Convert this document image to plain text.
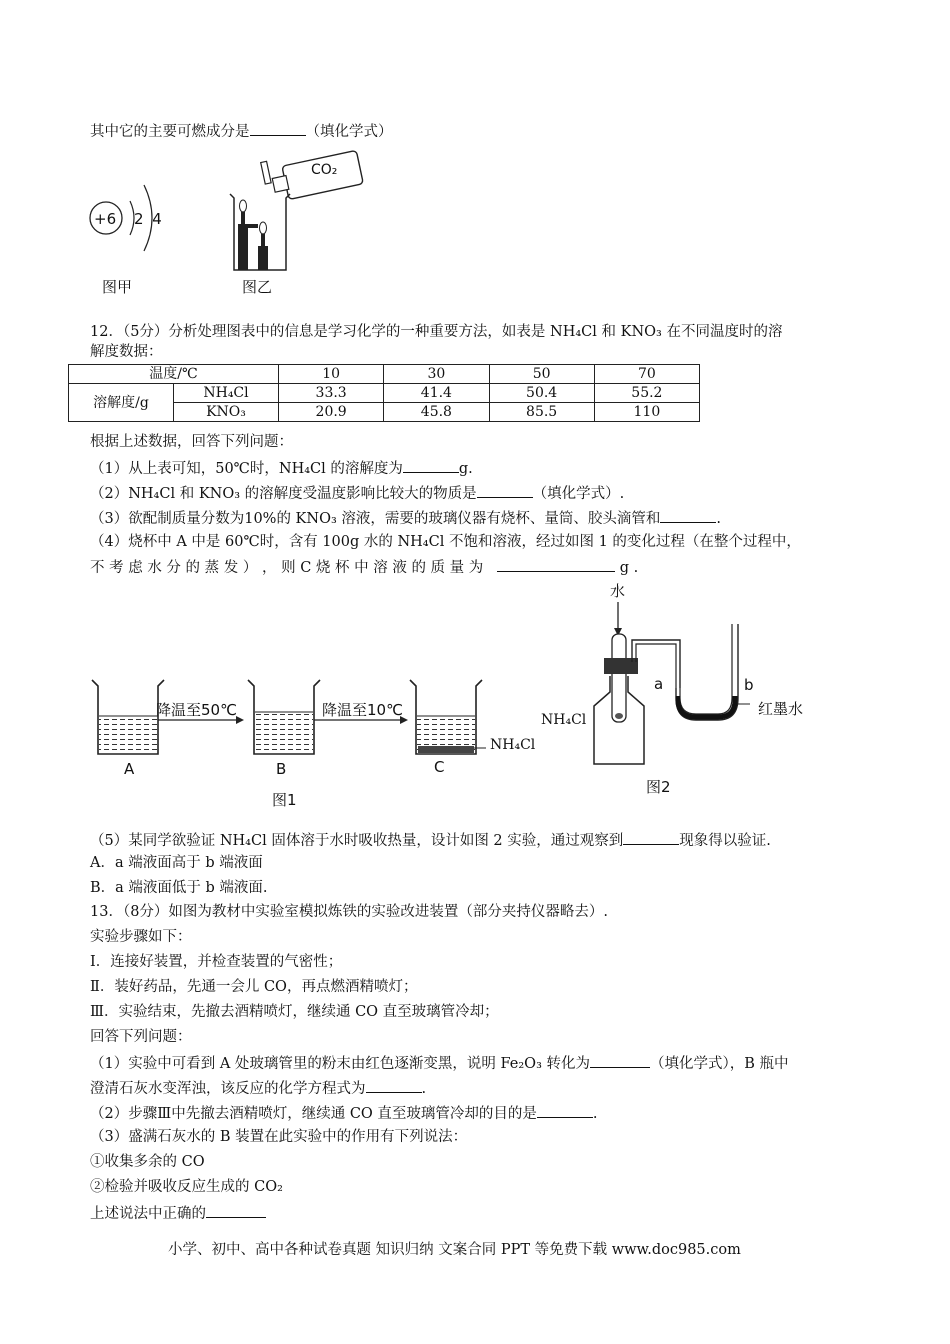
其中它的主要可燃成分是	（填化学式）
+6 2 4
图甲
CO₂
图乙
12．（5分）分析处理图表中的信息是学习化学的一种重要方法，如表是 NH₄Cl 和 KNO₃ 在不同温度时的溶
解度数据：
温度/℃		10	30	50	70
溶解度/g	NH₄Cl	33.3	41.4	50.4	55.2
	KNO₃	20.9	45.8	85.5	110
根据上述数据，回答下列问题：
（1）从上表可知，50℃时，NH₄Cl 的溶解度为	g.
（2）NH₄Cl 和 KNO₃ 的溶解度受温度影响比较大的物质是	（填化学式）.
（3）欲配制质量分数为10%的 KNO₃ 溶液，需要的玻璃仪器有烧杯、量筒、胶头滴管和	.
（4）烧杯中 A 中是 60℃时，含有 100g 水的 NH₄Cl 不饱和溶液，经过如图 1 的变化过程（在整个过程中，
不 考 虑 水 分 的 蒸 发 ） ， 则 C 烧 杯 中 溶 液 的 质 量 为	g .
降温至50℃	降温至10℃
NH₄Cl
A	B	C
图1
水
NH₄Cl
a	b
红墨水
图2
（5）某同学欲验证 NH₄Cl 固体溶于水时吸收热量，设计如图 2 实验，通过观察到	现象得以验证.
A．a 端液面高于 b 端液面
B．a 端液面低于 b 端液面.
13．（8分）如图为教材中实验室模拟炼铁的实验改进装置（部分夹持仪器略去）.
实验步骤如下：
Ⅰ．连接好装置，并检查装置的气密性；
Ⅱ．装好药品，先通一会儿 CO，再点燃酒精喷灯；
Ⅲ．实验结束，先撤去酒精喷灯，继续通 CO 直至玻璃管冷却；
回答下列问题：
（1）实验中可看到 A 处玻璃管里的粉末由红色逐渐变黑，说明 Fe₂O₃ 转化为	（填化学式），B 瓶中
澄清石灰水变浑浊，该反应的化学方程式为	.
（2）步骤Ⅲ中先撤去酒精喷灯，继续通 CO 直至玻璃管冷却的目的是	.
（3）盛满石灰水的 B 装置在此实验中的作用有下列说法：
①收集多余的 CO
②检验并吸收反应生成的 CO₂
上述说法中正确的
小学、初中、高中各种试卷真题 知识归纳 文案合同 PPT 等免费下载 www.doc985.com
